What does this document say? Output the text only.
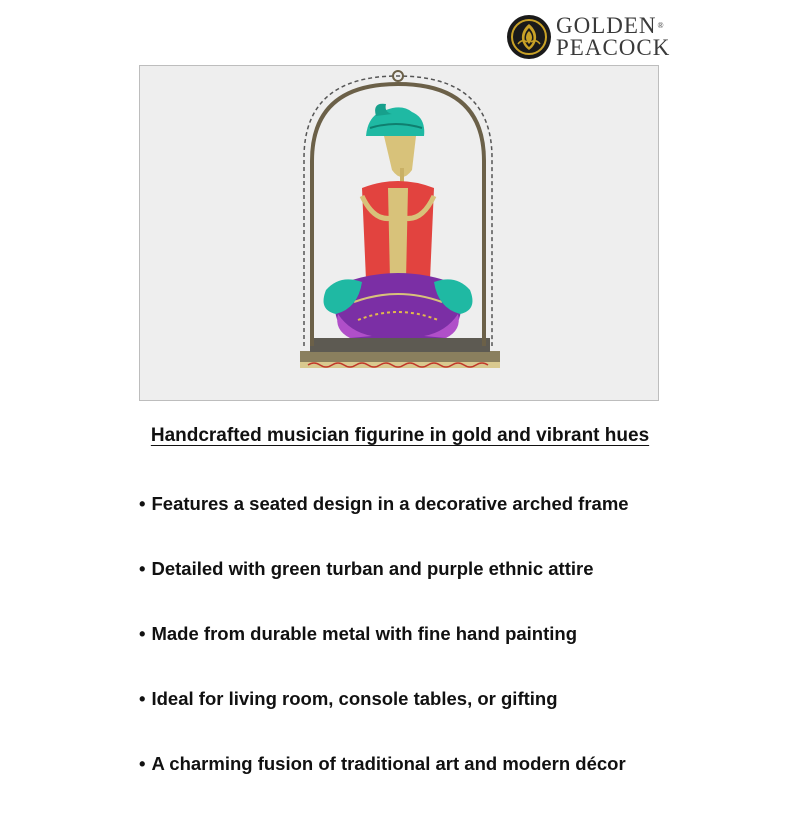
GOLDEN®
PEACOCK
Handcrafted musician figurine in gold and vibrant hues
• Features a seated design in a decorative arched frame
• Detailed with green turban and purple ethnic attire
• Made from durable metal with fine hand painting
• Ideal for living room, console tables, or gifting
• A charming fusion of traditional art and modern décor
